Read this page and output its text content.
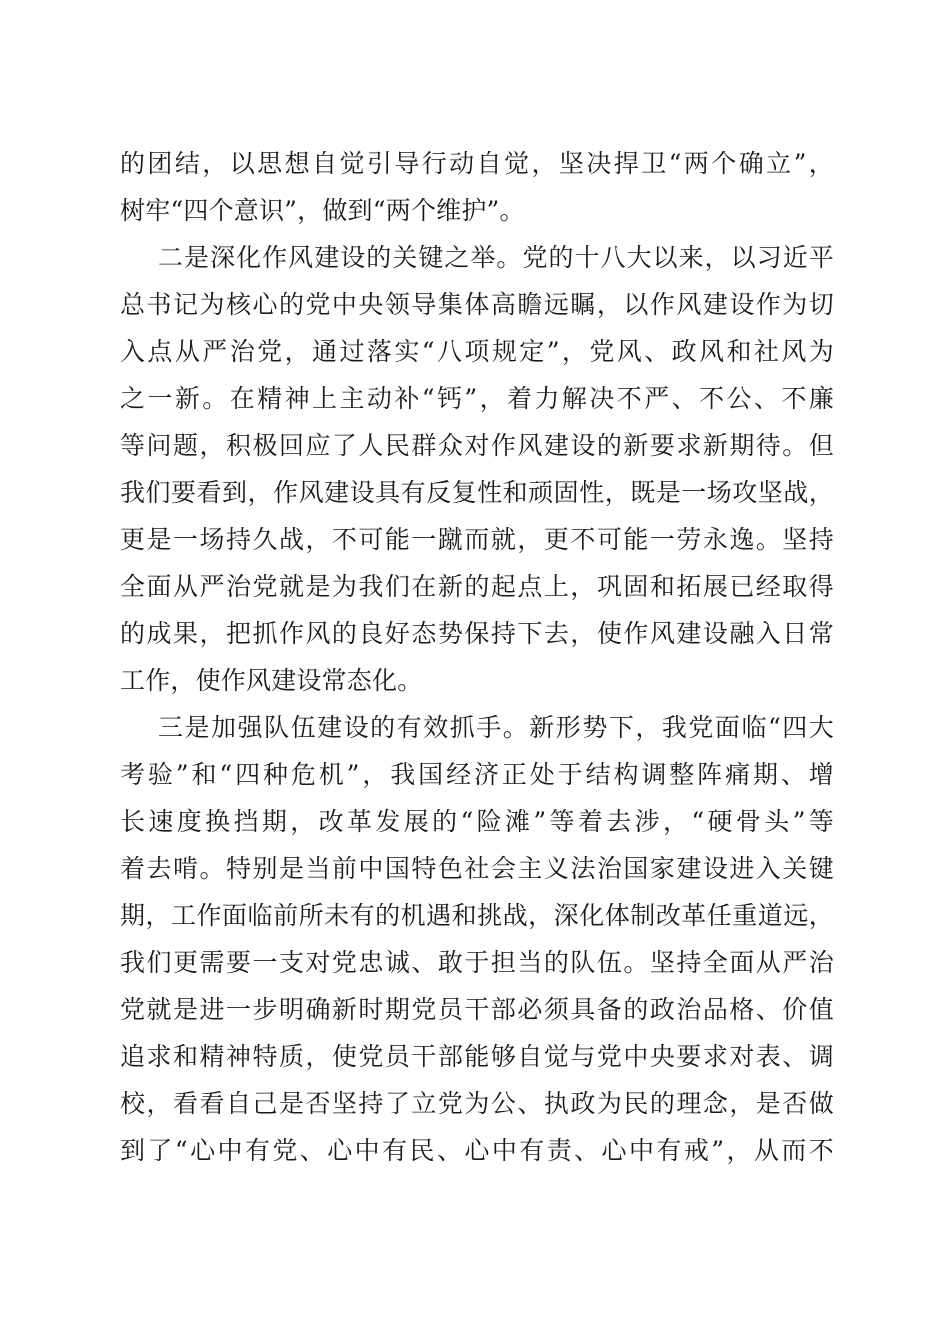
的团结，以思想自觉引导行动自觉，坚决捍卫“两个确立”，
树牢“四个意识”，做到“两个维护”。
二是深化作风建设的关键之举。党的十八大以来，以习近平
总书记为核心的党中央领导集体高瞻远瞩，以作风建设作为切
入点从严治党，通过落实“八项规定”，党风、政风和社风为
之一新。在精神上主动补“钙”，着力解决不严、不公、不廉
等问题，积极回应了人民群众对作风建设的新要求新期待。但
我们要看到，作风建设具有反复性和顽固性，既是一场攻坚战，
更是一场持久战，不可能一蹴而就，更不可能一劳永逸。坚持
全面从严治党就是为我们在新的起点上，巩固和拓展已经取得
的成果，把抓作风的良好态势保持下去，使作风建设融入日常
工作，使作风建设常态化。
三是加强队伍建设的有效抓手。新形势下，我党面临“四大
考验”和“四种危机”，我国经济正处于结构调整阵痛期、增
长速度换挡期，改革发展的“险滩”等着去涉，“硬骨头”等
着去啃。特别是当前中国特色社会主义法治国家建设进入关键
期，工作面临前所未有的机遇和挑战，深化体制改革任重道远，
我们更需要一支对党忠诚、敢于担当的队伍。坚持全面从严治
党就是进一步明确新时期党员干部必须具备的政治品格、价值
追求和精神特质，使党员干部能够自觉与党中央要求对表、调
校，看看自己是否坚持了立党为公、执政为民的理念，是否做
到了“心中有党、心中有民、心中有责、心中有戒”，从而不
